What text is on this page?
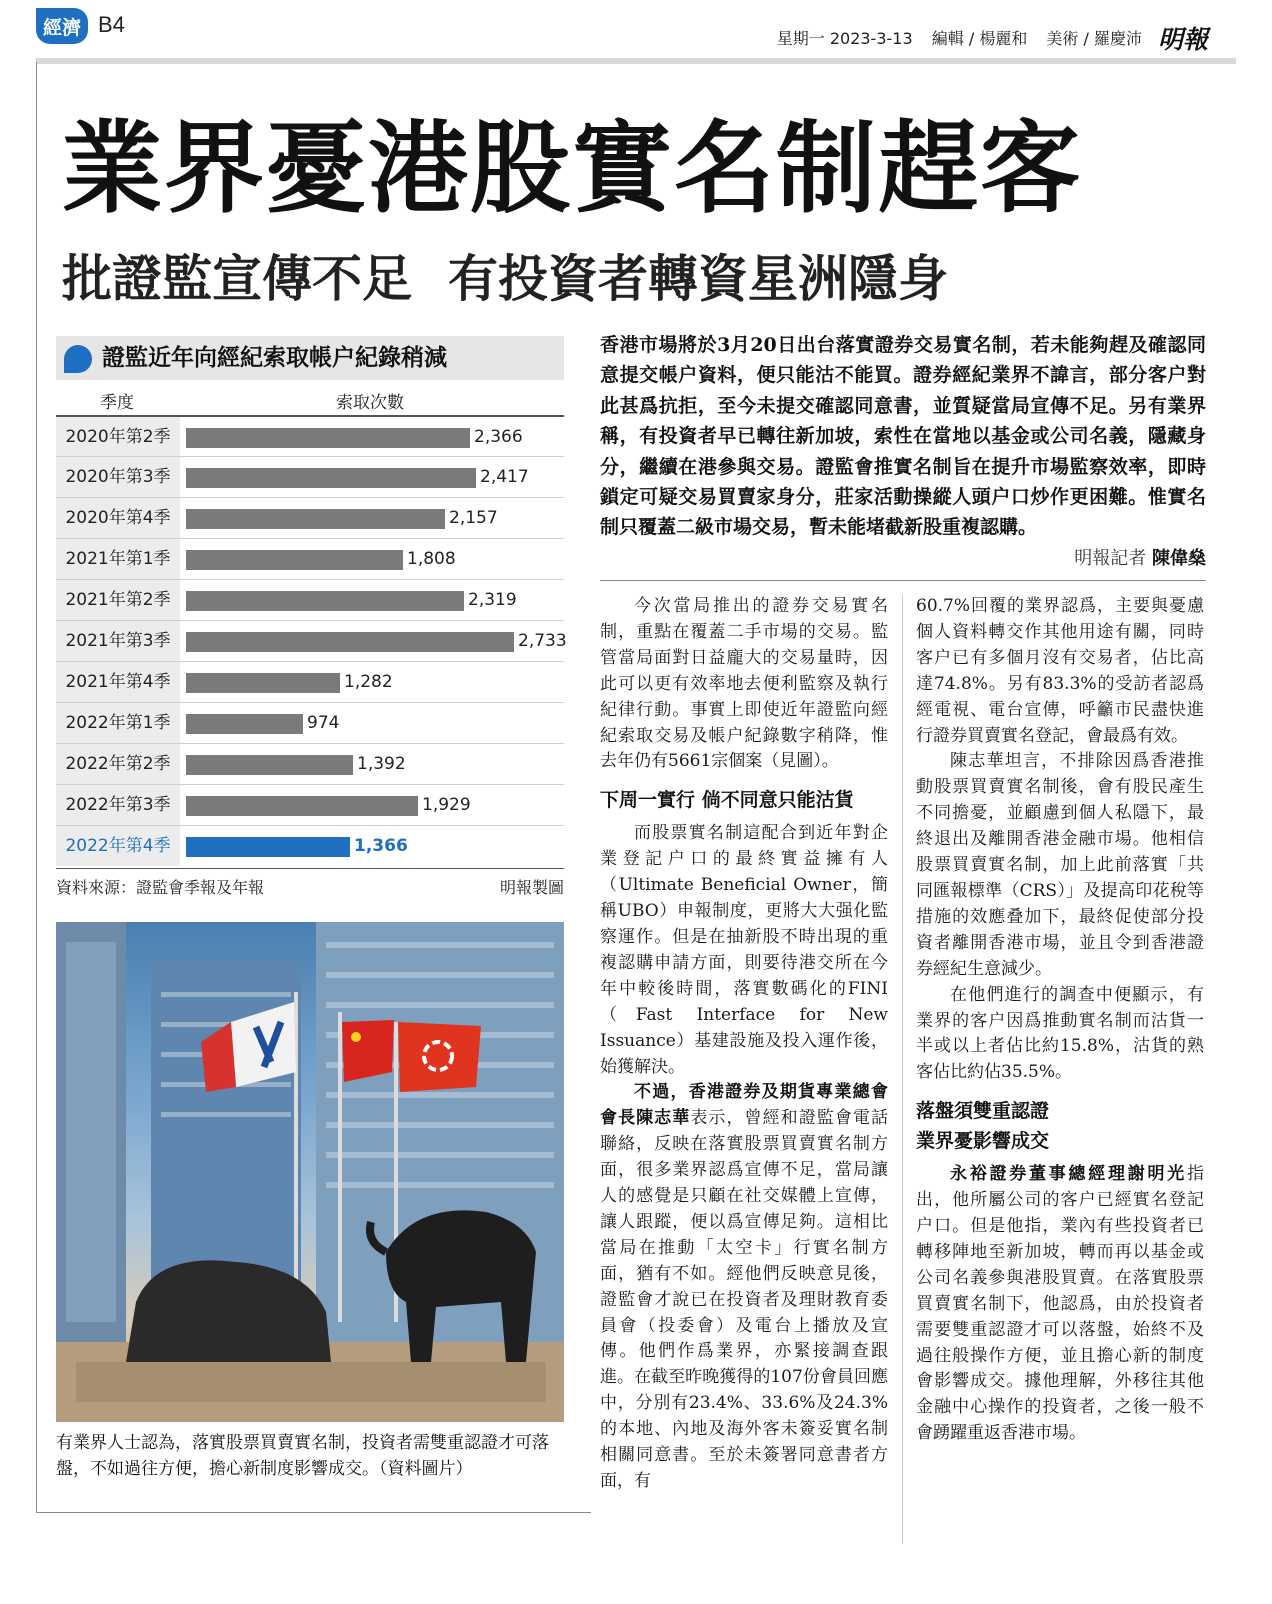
經濟 B4
星期一 2023-3-13 編輯 / 楊麗和 美術 / 羅慶沛 明報
業界憂港股實名制趕客
批證監宣傳不足 有投資者轉資星洲隱身
證監近年向經紀索取帳户紀錄稍減
季度	索取次數
2020年第2季	2,366
2020年第3季	2,417
2020年第4季	2,157
2021年第1季	1,808
2021年第2季	2,319
2021年第3季	2,733
2021年第4季	1,282
2022年第1季	974
2022年第2季	1,392
2022年第3季	1,929
2022年第4季	1,366
資料來源：證監會季報及年報	明報製圖
有業界人士認為，落實股票買賣實名制，投資者需雙重認證才可落盤，不如過往方便，擔心新制度影響成交。（資料圖片）
香港市場將於3月20日出台落實證券交易實名制，若未能夠趕及確認同意提交帳户資料，便只能沽不能買。證券經紀業界不諱言，部分客户對此甚爲抗拒，至今未提交確認同意書，並質疑當局宣傳不足。另有業界稱，有投資者早已轉往新加坡，索性在當地以基金或公司名義，隱藏身分，繼續在港參與交易。證監會推實名制旨在提升市場監察效率，即時鎖定可疑交易買賣家身分，莊家活動操縱人頭户口炒作更困難。惟實名制只覆蓋二級市場交易，暫未能堵截新股重複認購。
明報記者 陳偉燊

今次當局推出的證券交易實名制，重點在覆蓋二手市場的交易。監管當局面對日益龐大的交易量時，因此可以更有效率地去便利監察及執行紀律行動。事實上即使近年證監向經紀索取交易及帳户紀錄數字稍降，惟去年仍有5661宗個案（見圖）。

下周一實行 倘不同意只能沽貨

而股票實名制這配合到近年對企業登記户口的最終實益擁有人（Ultimate Beneficial Owner，簡稱UBO）申報制度，更將大大强化監察運作。但是在抽新股不時出現的重複認購申請方面，則要待港交所在今年中較後時間，落實數碼化的FINI（Fast Interface for New Issuance）基建設施及投入運作後，始獲解決。

不過，香港證券及期貨專業總會會長陳志華表示，曾經和證監會電話聯絡，反映在落實股票買賣實名制方面，很多業界認爲宣傳不足，當局讓人的感覺是只顧在社交媒體上宣傳，讓人跟蹤，便以爲宣傳足夠。這相比當局在推動「太空卡」行實名制方面，猶有不如。經他們反映意見後，證監會才說已在投資者及理財教育委員會（投委會）及電台上播放及宣傳。他們作爲業界，亦緊接調查跟進。在截至昨晚獲得的107份會員回應中，分別有23.4%、33.6%及24.3%的本地、內地及海外客未簽妥實名制相關同意書。至於未簽署同意書者方面，有

60.7%回覆的業界認爲，主要與憂慮個人資料轉交作其他用途有關，同時客户已有多個月沒有交易者，佔比高達74.8%。另有83.3%的受訪者認爲經電視、電台宣傳，呼籲市民盡快進行證券買賣實名登記，會最爲有效。

陳志華坦言，不排除因爲香港推動股票買賣實名制後，會有股民產生不同擔憂，並顧慮到個人私隱下，最終退出及離開香港金融市場。他相信股票買賣實名制，加上此前落實「共同匯報標準（CRS）」及提高印花稅等措施的效應叠加下，最終促使部分投資者離開香港市場，並且令到香港證券經紀生意減少。

在他們進行的調查中便顯示，有業界的客户因爲推動實名制而沽貨一半或以上者佔比約15.8%，沽貨的熟客佔比約佔35.5%。

落盤須雙重認證
業界憂影響成交

永裕證券董事總經理謝明光指出，他所屬公司的客户已經實名登記户口。但是他指，業內有些投資者已轉移陣地至新加坡，轉而再以基金或公司名義參與港股買賣。在落實股票買賣實名制下，他認爲，由於投資者需要雙重認證才可以落盤，始終不及過往般操作方便，並且擔心新的制度會影響成交。據他理解，外移往其他金融中心操作的投資者，之後一般不會踴躍重返香港市場。
